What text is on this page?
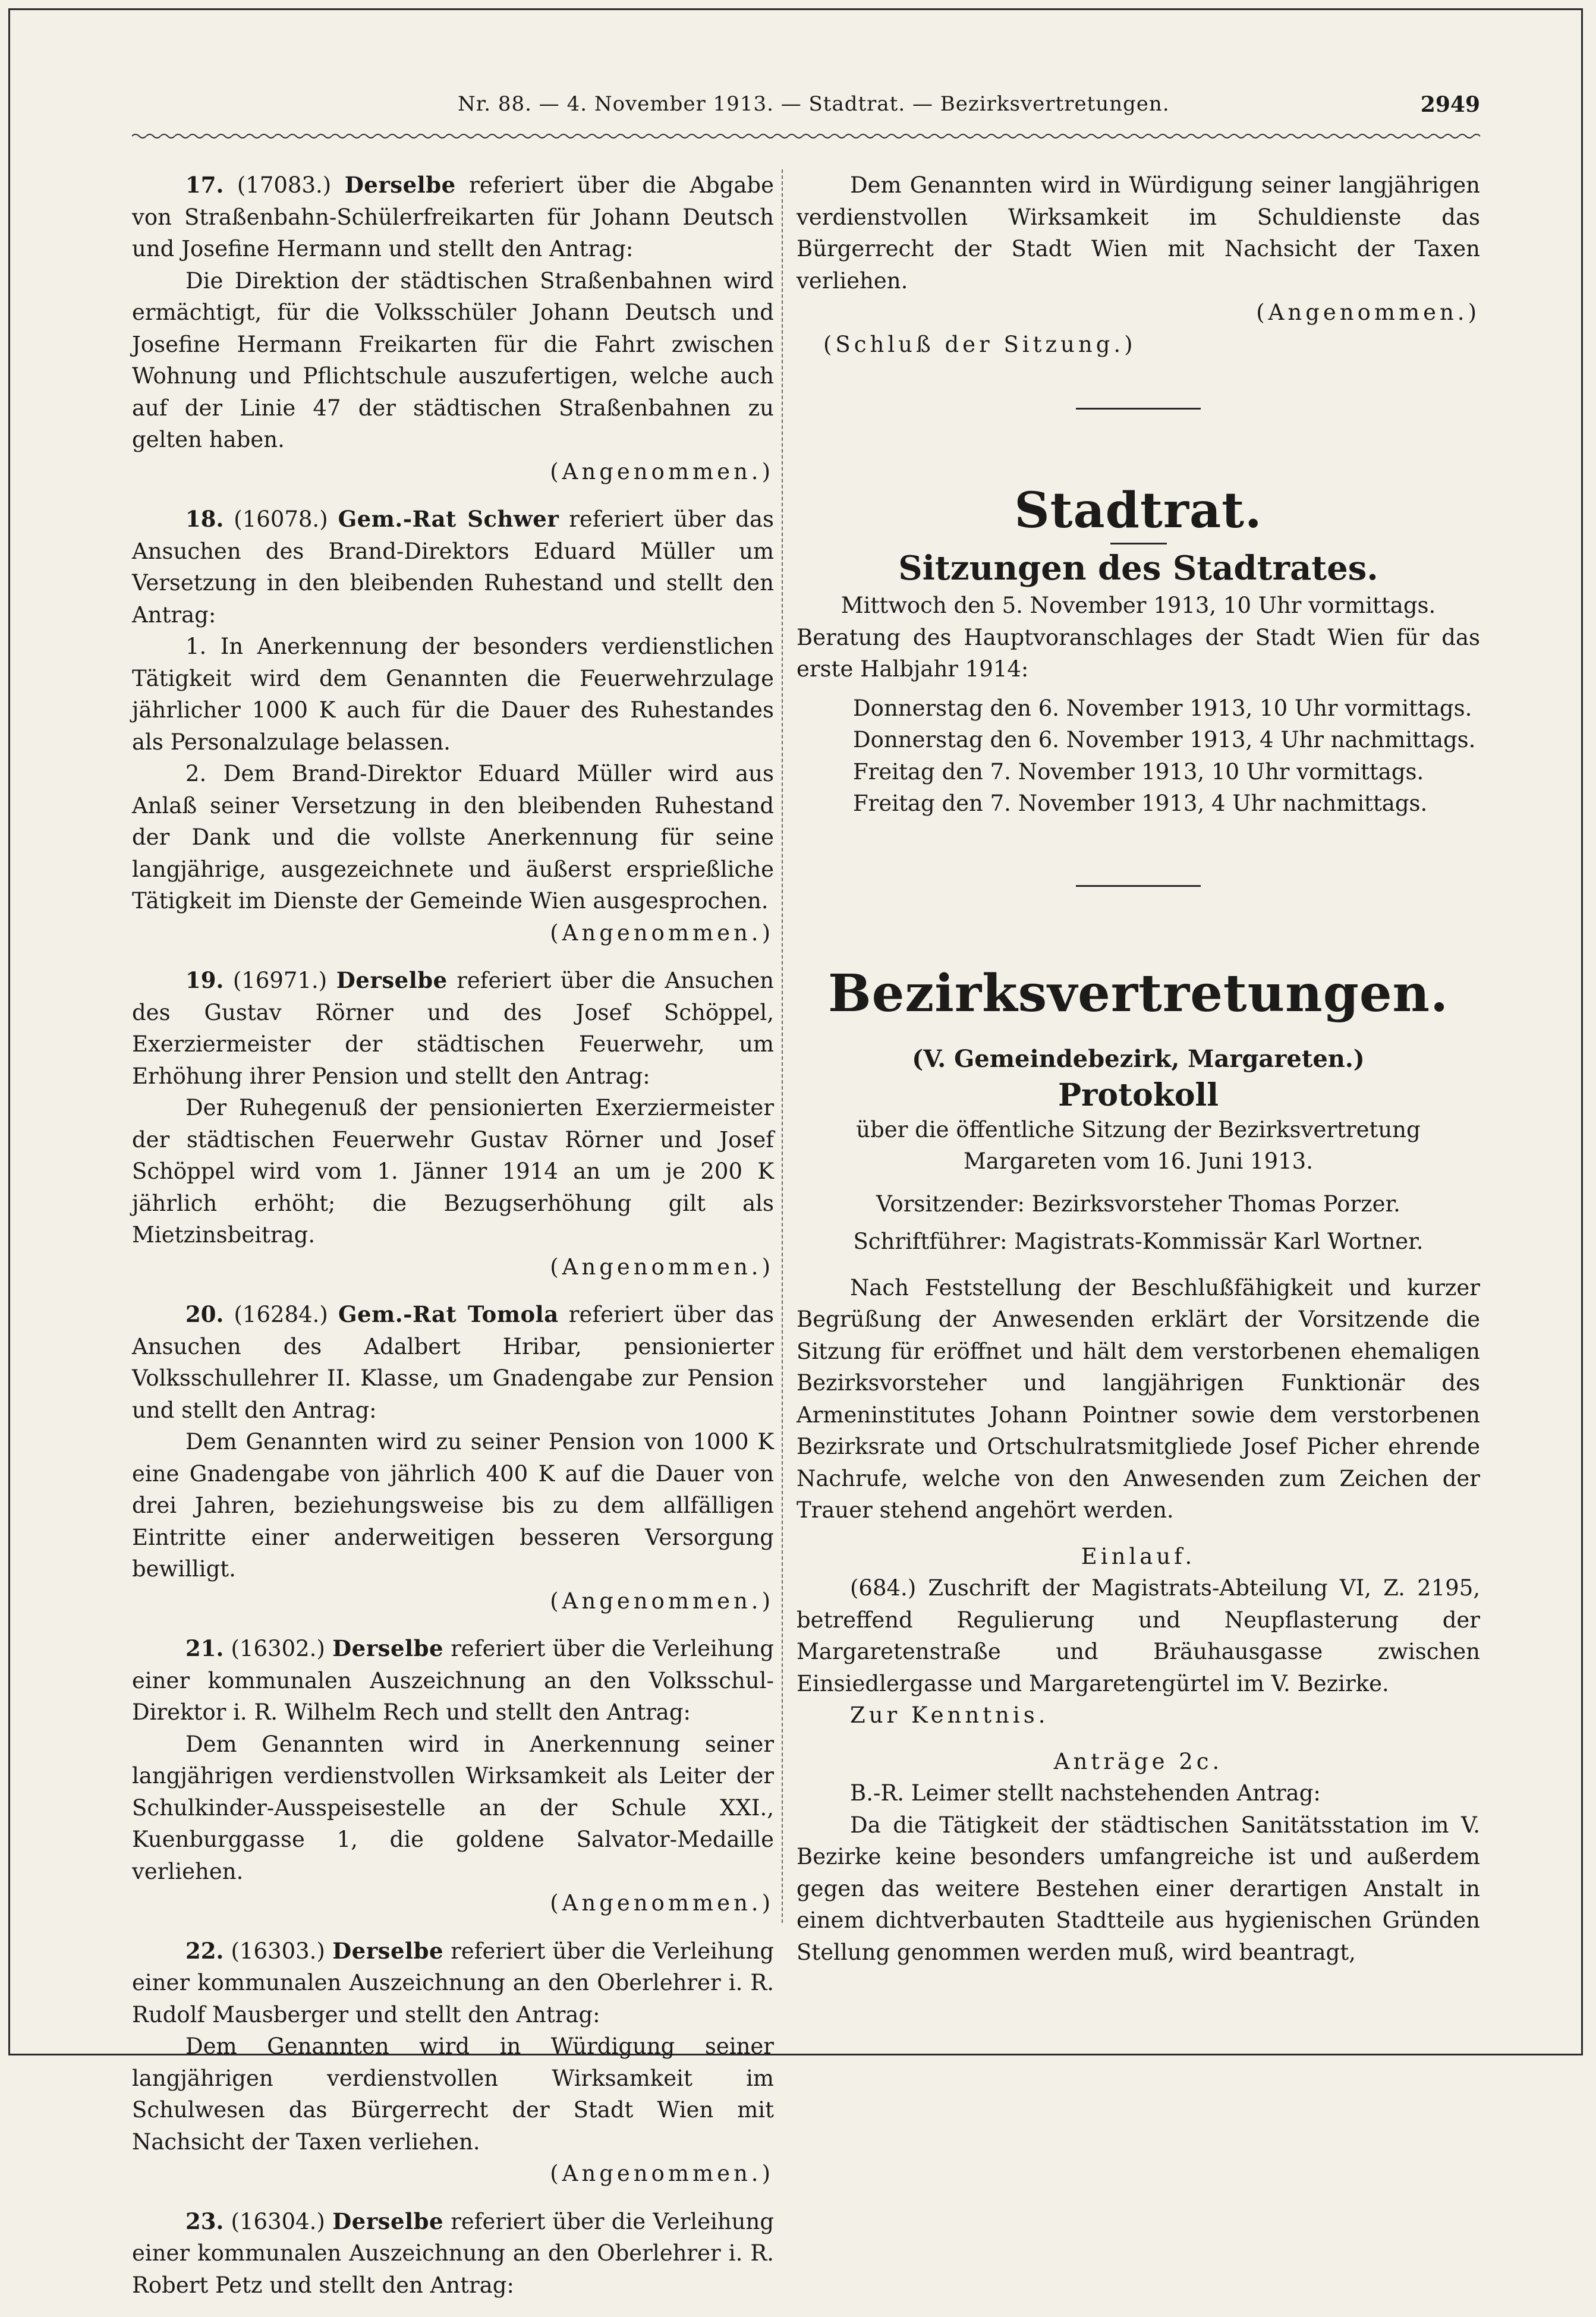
Nr. 88. — 4. November 1913. — Stadtrat. — Bezirksvertretungen.	2949

17. (17083.) Derselbe referiert über die Abgabe von Straßenbahn-Schülerfreikarten für Johann Deutsch und Josefine Hermann und stellt den Antrag:

Die Direktion der städtischen Straßenbahnen wird ermächtigt, für die Volksschüler Johann Deutsch und Josefine Hermann Freikarten für die Fahrt zwischen Wohnung und Pflichtschule auszufertigen, welche auch auf der Linie 47 der städtischen Straßenbahnen zu gelten haben.

(Angenommen.)

18. (16078.) Gem.-Rat Schwer referiert über das Ansuchen des Brand-Direktors Eduard Müller um Versetzung in den bleibenden Ruhestand und stellt den Antrag:

1. In Anerkennung der besonders verdienstlichen Tätigkeit wird dem Genannten die Feuerwehrzulage jährlicher 1000 K auch für die Dauer des Ruhestandes als Personalzulage belassen.

2. Dem Brand-Direktor Eduard Müller wird aus Anlaß seiner Versetzung in den bleibenden Ruhestand der Dank und die vollste Anerkennung für seine langjährige, ausgezeichnete und äußerst ersprießliche Tätigkeit im Dienste der Gemeinde Wien ausgesprochen.

(Angenommen.)

19. (16971.) Derselbe referiert über die Ansuchen des Gustav Rörner und des Josef Schöppel, Exerziermeister der städtischen Feuerwehr, um Erhöhung ihrer Pension und stellt den Antrag:

Der Ruhegenuß der pensionierten Exerziermeister der städtischen Feuerwehr Gustav Rörner und Josef Schöppel wird vom 1. Jänner 1914 an um je 200 K jährlich erhöht; die Bezugserhöhung gilt als Mietzinsbeitrag.

(Angenommen.)

20. (16284.) Gem.-Rat Tomola referiert über das Ansuchen des Adalbert Hribar, pensionierter Volksschullehrer II. Klasse, um Gnadengabe zur Pension und stellt den Antrag:

Dem Genannten wird zu seiner Pension von 1000 K eine Gnadengabe von jährlich 400 K auf die Dauer von drei Jahren, beziehungsweise bis zu dem allfälligen Eintritte einer anderweitigen besseren Versorgung bewilligt.

(Angenommen.)

21. (16302.) Derselbe referiert über die Verleihung einer kommunalen Auszeichnung an den Volksschul-Direktor i. R. Wilhelm Rech und stellt den Antrag:

Dem Genannten wird in Anerkennung seiner langjährigen verdienstvollen Wirksamkeit als Leiter der Schulkinder-Ausspeisestelle an der Schule XXI., Kuenburggasse 1, die goldene Salvator-Medaille verliehen.

(Angenommen.)

22. (16303.) Derselbe referiert über die Verleihung einer kommunalen Auszeichnung an den Oberlehrer i. R. Rudolf Mausberger und stellt den Antrag:

Dem Genannten wird in Würdigung seiner langjährigen verdienstvollen Wirksamkeit im Schulwesen das Bürgerrecht der Stadt Wien mit Nachsicht der Taxen verliehen.

(Angenommen.)

23. (16304.) Derselbe referiert über die Verleihung einer kommunalen Auszeichnung an den Oberlehrer i. R. Robert Petz und stellt den Antrag:

Dem Genannten wird in Würdigung seiner langjährigen verdienstvollen Wirksamkeit im Schuldienste das Bürgerrecht der Stadt Wien mit Nachsicht der Taxen verliehen.

(Angenommen.)

(Schluß der Sitzung.)

Stadtrat.
Sitzungen des Stadtrates.

Mittwoch den 5. November 1913, 10 Uhr vormittags.

Beratung des Hauptvoranschlages der Stadt Wien für das erste Halbjahr 1914:

Donnerstag den 6. November 1913, 10 Uhr vormittags.

Donnerstag den 6. November 1913, 4 Uhr nachmittags.

Freitag den 7. November 1913, 10 Uhr vormittags.

Freitag den 7. November 1913, 4 Uhr nachmittags.

Bezirksvertretungen.
(V. Gemeindebezirk, Margareten.)
Protokoll

über die öffentliche Sitzung der Bezirksvertretung Margareten vom 16. Juni 1913.

Vorsitzender: Bezirksvorsteher Thomas Porzer.

Schriftführer: Magistrats-Kommissär Karl Wortner.

Nach Feststellung der Beschlußfähigkeit und kurzer Begrüßung der Anwesenden erklärt der Vorsitzende die Sitzung für eröffnet und hält dem verstorbenen ehemaligen Bezirksvorsteher und langjährigen Funktionär des Armeninstitutes Johann Pointner sowie dem verstorbenen Bezirksrate und Ortschulratsmitgliede Josef Picher ehrende Nachrufe, welche von den Anwesenden zum Zeichen der Trauer stehend angehört werden.

Einlauf.

(684.) Zuschrift der Magistrats-Abteilung VI, Z. 2195, betreffend Regulierung und Neupflasterung der Margaretenstraße und Bräuhausgasse zwischen Einsiedlergasse und Margaretengürtel im V. Bezirke.

Zur Kenntnis.

Anträge 2c.

B.-R. Leimer stellt nachstehenden Antrag:

Da die Tätigkeit der städtischen Sanitätsstation im V. Bezirke keine besonders umfangreiche ist und außerdem gegen das weitere Bestehen einer derartigen Anstalt in einem dichtverbauten Stadtteile aus hygienischen Gründen Stellung genommen werden muß, wird beantragt,
